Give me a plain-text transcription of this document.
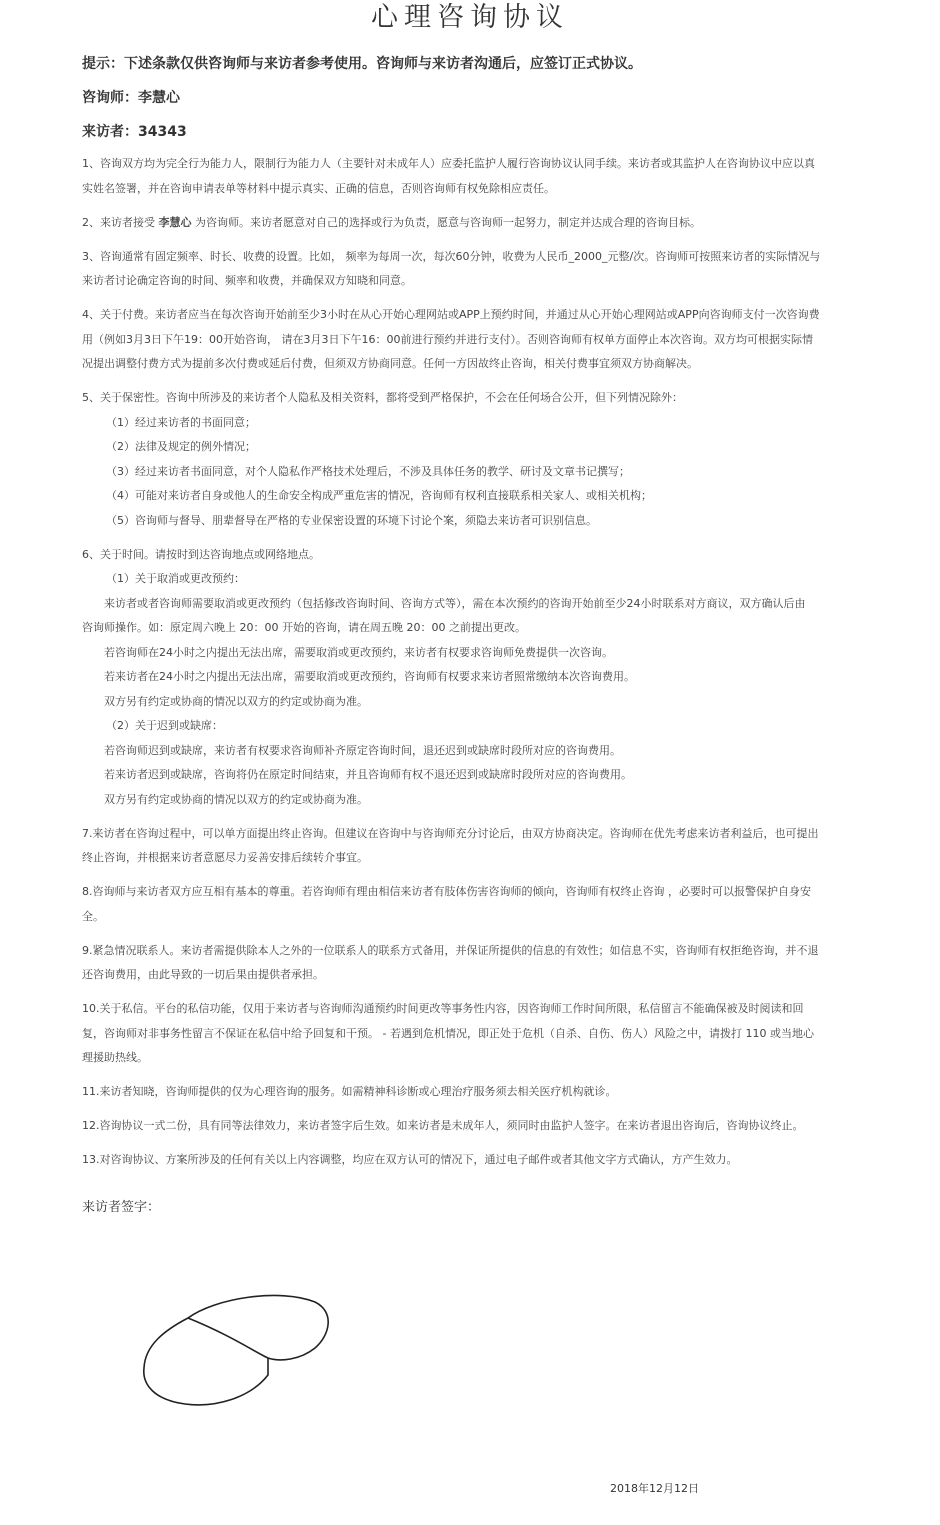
心理咨询协议
提示：下述条款仅供咨询师与来访者参考使用。咨询师与来访者沟通后，应签订正式协议。
咨询师：李慧心
来访者：34343
1、咨询双方均为完全行为能力人，限制行为能力人（主要针对未成年人）应委托监护人履行咨询协议认同手续。来访者或其监护人在咨询协议中应以真
实姓名签署，并在咨询申请表单等材料中提示真实、正确的信息，否则咨询师有权免除相应责任。
2、来访者接受 李慧心 为咨询师。来访者愿意对自己的选择或行为负责，愿意与咨询师一起努力，制定并达成合理的咨询目标。
3、咨询通常有固定频率、时长、收费的设置。比如， 频率为每周一次，每次60分钟，收费为人民币_2000_元整/次。咨询师可按照来访者的实际情况与
来访者讨论确定咨询的时间、频率和收费，并确保双方知晓和同意。
4、关于付费。来访者应当在每次咨询开始前至少3小时在从心开始心理网站或APP上预约时间，并通过从心开始心理网站或APP向咨询师支付一次咨询费
用（例如3月3日下午19：00开始咨询， 请在3月3日下午16：00前进行预约并进行支付）。否则咨询师有权单方面停止本次咨询。双方均可根据实际情
况提出调整付费方式为提前多次付费或延后付费，但须双方协商同意。任何一方因故终止咨询，相关付费事宜须双方协商解决。
5、关于保密性。咨询中所涉及的来访者个人隐私及相关资料，都将受到严格保护，不会在任何场合公开，但下列情况除外：
（1）经过来访者的书面同意；
（2）法律及规定的例外情况；
（3）经过来访者书面同意，对个人隐私作严格技术处理后，不涉及具体任务的教学、研讨及文章书记撰写；
（4）可能对来访者自身或他人的生命安全构成严重危害的情况，咨询师有权利直接联系相关家人、或相关机构；
（5）咨询师与督导、朋辈督导在严格的专业保密设置的环境下讨论个案，须隐去来访者可识别信息。
6、关于时间。请按时到达咨询地点或网络地点。
（1）关于取消或更改预约：
来访者或者咨询师需要取消或更改预约（包括修改咨询时间、咨询方式等），需在本次预约的咨询开始前至少24小时联系对方商议，双方确认后由
咨询师操作。如：原定周六晚上 20：00 开始的咨询，请在周五晚 20：00 之前提出更改。
若咨询师在24小时之内提出无法出席，需要取消或更改预约，来访者有权要求咨询师免费提供一次咨询。
若来访者在24小时之内提出无法出席，需要取消或更改预约，咨询师有权要求来访者照常缴纳本次咨询费用。
双方另有约定或协商的情况以双方的约定或协商为准。
（2）关于迟到或缺席：
若咨询师迟到或缺席，来访者有权要求咨询师补齐原定咨询时间，退还迟到或缺席时段所对应的咨询费用。
若来访者迟到或缺席，咨询将仍在原定时间结束，并且咨询师有权不退还迟到或缺席时段所对应的咨询费用。
双方另有约定或协商的情况以双方的约定或协商为准。
7.来访者在咨询过程中，可以单方面提出终止咨询。但建议在咨询中与咨询师充分讨论后，由双方协商决定。咨询师在优先考虑来访者利益后，也可提出
终止咨询，并根据来访者意愿尽力妥善安排后续转介事宜。
8.咨询师与来访者双方应互相有基本的尊重。若咨询师有理由相信来访者有肢体伤害咨询师的倾向，咨询师有权终止咨询 ，必要时可以报警保护自身安
全。
9.紧急情况联系人。来访者需提供除本人之外的一位联系人的联系方式备用，并保证所提供的信息的有效性；如信息不实，咨询师有权拒绝咨询，并不退
还咨询费用，由此导致的一切后果由提供者承担。
10.关于私信。平台的私信功能，仅用于来访者与咨询师沟通预约时间更改等事务性内容，因咨询师工作时间所限，私信留言不能确保被及时阅读和回
复，咨询师对非事务性留言不保证在私信中给予回复和干预。 - 若遇到危机情况，即正处于危机（自杀、自伤、伤人）风险之中，请拨打 110 或当地心
理援助热线。
11.来访者知晓，咨询师提供的仅为心理咨询的服务。如需精神科诊断或心理治疗服务须去相关医疗机构就诊。
12.咨询协议一式二份，具有同等法律效力，来访者签字后生效。如来访者是未成年人，须同时由监护人签字。在来访者退出咨询后，咨询协议终止。
13.对咨询协议、方案所涉及的任何有关以上内容调整，均应在双方认可的情况下，通过电子邮件或者其他文字方式确认，方产生效力。
来访者签字：
2018年12月12日
